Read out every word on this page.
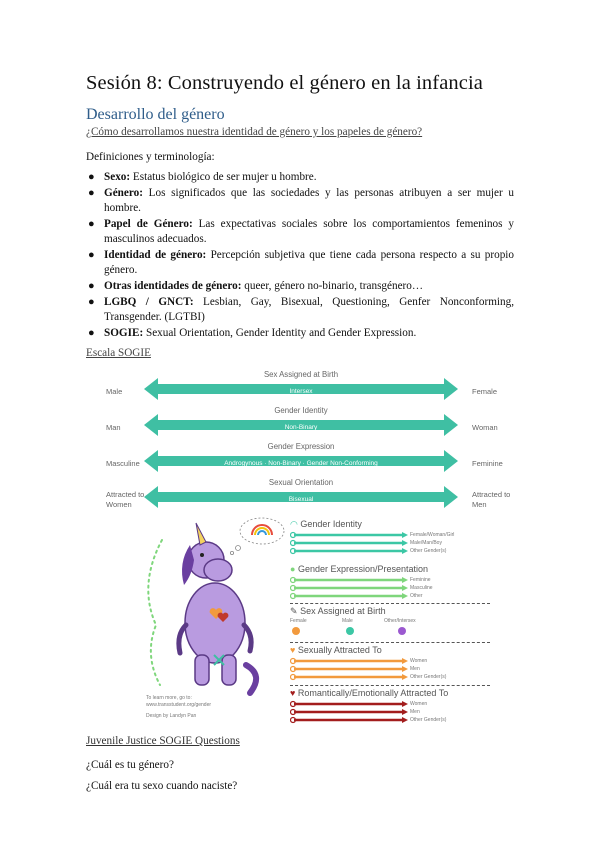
Sesión 8: Construyendo el género en la infancia
Desarrollo del género
¿Cómo desarrollamos nuestra identidad de género y los papeles de género?
Definiciones y terminología:
● Sexo: Estatus biológico de ser mujer u hombre.
● Género: Los significados que las sociedades y las personas atribuyen a ser mujer u hombre.
● Papel de Género: Las expectativas sociales sobre los comportamientos femeninos y masculinos adecuados.
● Identidad de género: Percepción subjetiva que tiene cada persona respecto a su propio género.
● Otras identidades de género: queer, género no-binario, transgénero…
● LGBQ / GNCT: Lesbian, Gay, Bisexual, Questioning, Genfer Nonconforming, Transgender. (LGTBI)
● SOGIE: Sexual Orientation, Gender Identity and Gender Expression.
Escala SOGIE
Sex Assigned at Birth
Intersex
Male	Female
Gender Identity
Non-Binary
Man	Woman
Gender Expression
Androgynous · Non-Binary · Gender Non-Conforming
Masculine	Feminine
Sexual Orientation
Bisexual
Attracted to Women
Attracted to Men
◠ Gender Identity
Female/Woman/Girl
Male/Man/Boy
Other Gender(s)
● Gender Expression/Presentation
Feminine
Masculine
Other
✎ Sex Assigned at Birth
Female	Male	Other/Intersex
♥ Sexually Attracted To
Women
Men
Other Gender(s)
♥ Romantically/Emotionally Attracted To
Women
Men
Other Gender(s)
To learn more, go to:
www.transstudent.org/gender
Design by Landyn Pan
Juvenile Justice SOGIE Questions
¿Cuál es tu género?
¿Cuál era tu sexo cuando naciste?
